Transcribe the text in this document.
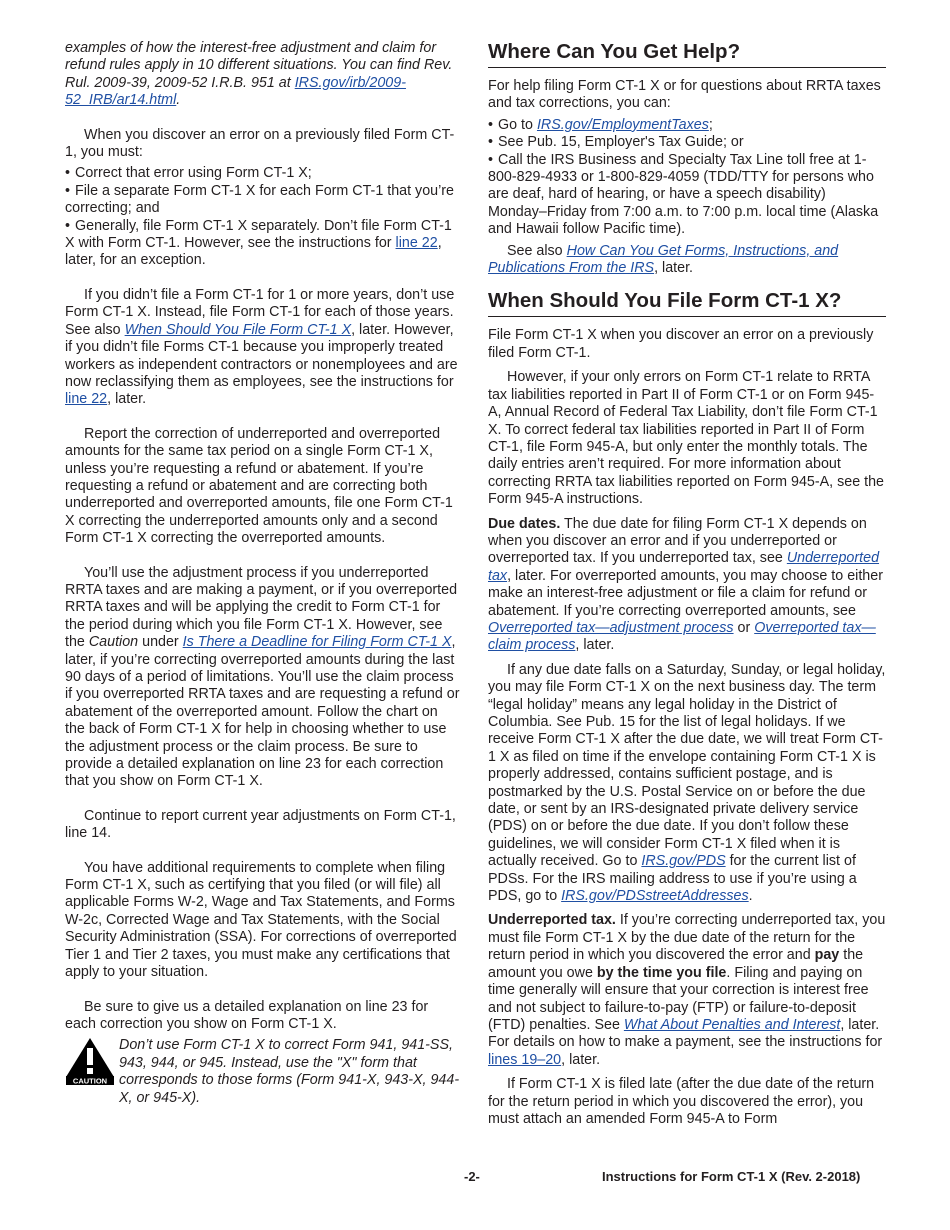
examples of how the interest-free adjustment and claim for refund rules apply in 10 different situations. You can find Rev. Rul. 2009-39, 2009-52 I.R.B. 951 at IRS.gov/irb/2009-52_IRB/ar14.html.

When you discover an error on a previously filed Form CT-1, you must:

• Correct that error using Form CT-1 X;
• File a separate Form CT-1 X for each Form CT-1 that you’re correcting; and
• Generally, file Form CT-1 X separately. Don’t file Form CT-1 X with Form CT-1. However, see the instructions for line 22, later, for an exception.

If you didn’t file a Form CT-1 for 1 or more years, don’t use Form CT-1 X. Instead, file Form CT-1 for each of those years. See also When Should You File Form CT-1 X, later. However, if you didn’t file Forms CT-1 because you improperly treated workers as independent contractors or nonemployees and are now reclassifying them as employees, see the instructions for line 22, later.

Report the correction of underreported and overreported amounts for the same tax period on a single Form CT-1 X, unless you’re requesting a refund or abatement. If you’re requesting a refund or abatement and are correcting both underreported and overreported amounts, file one Form CT-1 X correcting the underreported amounts only and a second Form CT-1 X correcting the overreported amounts.

You’ll use the adjustment process if you underreported RRTA taxes and are making a payment, or if you overreported RRTA taxes and will be applying the credit to Form CT-1 for the period during which you file Form CT-1 X. However, see the Caution under Is There a Deadline for Filing Form CT-1 X, later, if you’re correcting overreported amounts during the last 90 days of a period of limitations. You’ll use the claim process if you overreported RRTA taxes and are requesting a refund or abatement of the overreported amount. Follow the chart on the back of Form CT-1 X for help in choosing whether to use the adjustment process or the claim process. Be sure to provide a detailed explanation on line 23 for each correction that you show on Form CT-1 X.

Continue to report current year adjustments on Form CT-1, line 14.

You have additional requirements to complete when filing Form CT-1 X, such as certifying that you filed (or will file) all applicable Forms W-2, Wage and Tax Statements, and Forms W-2c, Corrected Wage and Tax Statements, with the Social Security Administration (SSA). For corrections of overreported Tier 1 and Tier 2 taxes, you must make any certifications that apply to your situation.

Be sure to give us a detailed explanation on line 23 for each correction you show on Form CT-1 X.

CAUTION
Don’t use Form CT-1 X to correct Form 941, 941-SS, 943, 944, or 945. Instead, use the "X" form that corresponds to those forms (Form 941-X, 943-X, 944-X, or 945-X).
Where Can You Get Help?

For help filing Form CT-1 X or for questions about RRTA taxes and tax corrections, you can:

• Go to IRS.gov/EmploymentTaxes;
• See Pub. 15, Employer's Tax Guide; or
• Call the IRS Business and Specialty Tax Line toll free at 1-800-829-4933 or 1-800-829-4059 (TDD/TTY for persons who are deaf, hard of hearing, or have a speech disability) Monday–Friday from 7:00 a.m. to 7:00 p.m. local time (Alaska and Hawaii follow Pacific time).

See also How Can You Get Forms, Instructions, and Publications From the IRS, later.

When Should You File Form CT-1 X?

File Form CT-1 X when you discover an error on a previously filed Form CT-1.

However, if your only errors on Form CT-1 relate to RRTA tax liabilities reported in Part II of Form CT-1 or on Form 945-A, Annual Record of Federal Tax Liability, don’t file Form CT-1 X. To correct federal tax liabilities reported in Part II of Form CT-1, file Form 945-A, but only enter the monthly totals. The daily entries aren’t required. For more information about correcting RRTA tax liabilities reported on Form 945-A, see the Form 945-A instructions.

Due dates. The due date for filing Form CT-1 X depends on when you discover an error and if you underreported or overreported tax. If you underreported tax, see Underreported tax, later. For overreported amounts, you may choose to either make an interest-free adjustment or file a claim for refund or abatement. If you’re correcting overreported amounts, see Overreported tax—adjustment process or Overreported tax—claim process, later.

If any due date falls on a Saturday, Sunday, or legal holiday, you may file Form CT-1 X on the next business day. The term “legal holiday” means any legal holiday in the District of Columbia. See Pub. 15 for the list of legal holidays. If we receive Form CT-1 X after the due date, we will treat Form CT-1 X as filed on time if the envelope containing Form CT-1 X is properly addressed, contains sufficient postage, and is postmarked by the U.S. Postal Service on or before the due date, or sent by an IRS-designated private delivery service (PDS) on or before the due date. If you don’t follow these guidelines, we will consider Form CT-1 X filed when it is actually received. Go to IRS.gov/PDS for the current list of PDSs. For the IRS mailing address to use if you’re using a PDS, go to IRS.gov/PDSstreetAddresses.

Underreported tax. If you’re correcting underreported tax, you must file Form CT-1 X by the due date of the return for the return period in which you discovered the error and pay the amount you owe by the time you file. Filing and paying on time generally will ensure that your correction is interest free and not subject to failure-to-pay (FTP) or failure-to-deposit (FTD) penalties. See What About Penalties and Interest, later. For details on how to make a payment, see the instructions for lines 19–20, later.

If Form CT-1 X is filed late (after the due date of the return for the return period in which you discovered the error), you must attach an amended Form 945-A to Form

-2-	Instructions for Form CT-1 X (Rev. 2-2018)
